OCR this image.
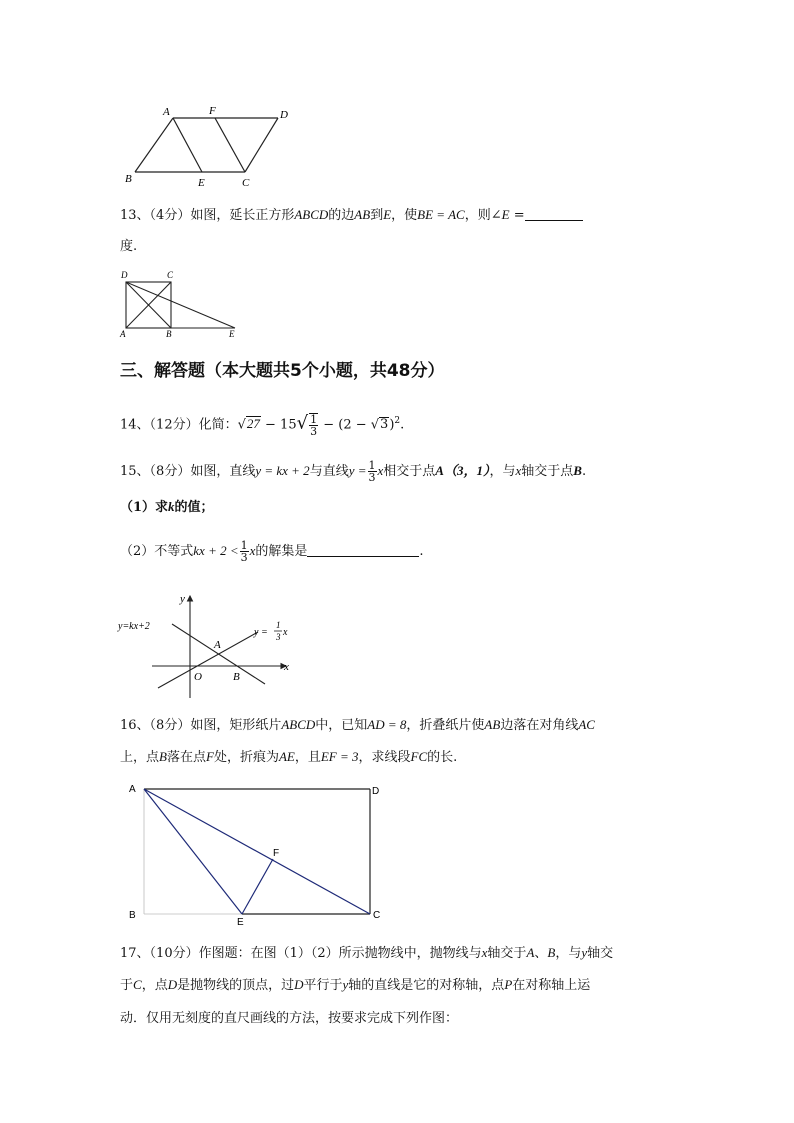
A	F	D
B	E	C
13、（4分）如图，延长正方形ABCD的边AB到E，使BE = AC，则∠E =
度.
D	C
A	B	E
三、解答题（本大题共5个小题，共48分）
14、（12分）化简：$√27 - 15√ \frac{1}{3} - (2 - √3)^2$.
15、（8分）如图，直线y = kx + 2与直线$y = \frac{1}{3}$ x相交于点A（3，1），与x轴交于点B.
（1）求k的值；
（2）不等式kx + $2 < \frac{1}{3}$ x的解集是	.
y
x
y=kx+2
y =
1
3 x
A
O	B
16、（8分）如图，矩形纸片ABCD中，已知AD = 8，折叠纸片使AB边落在对角线AC
上，点B落在点F处，折痕为AE，且EF = 3，求线段FC的长.
A	D
F
B
E
C
17、（10分）作图题：在图（1）（2）所示抛物线中，抛物线与x轴交于A、B，与y轴交
于C，点D是抛物线的顶点，过D平行于y轴的直线是它的对称轴，点P在对称轴上运
动．仅用无刻度的直尺画线的方法，按要求完成下列作图：
